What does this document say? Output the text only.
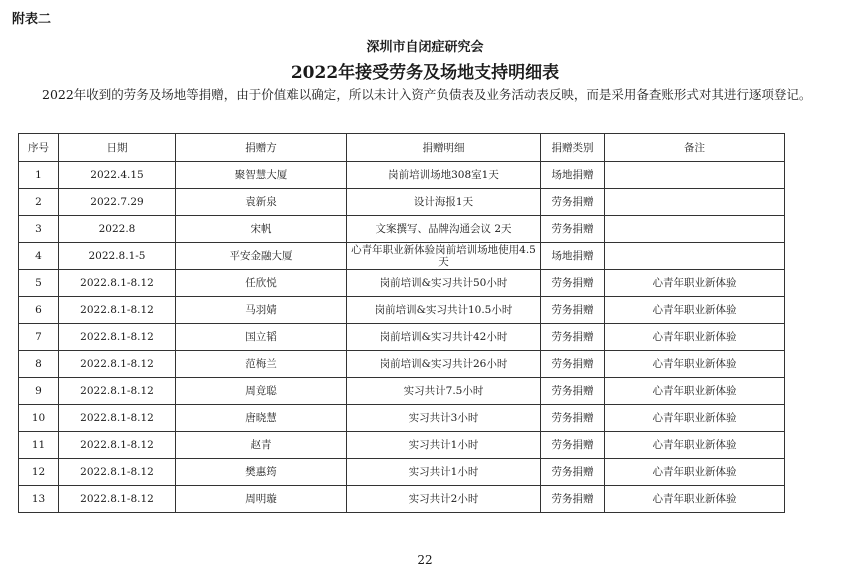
附表二
深圳市自闭症研究会
2022年接受劳务及场地支持明细表
2022年收到的劳务及场地等捐赠，由于价值难以确定，所以未计入资产负债表及业务活动表反映，而是采用备查账形式对其进行逐项登记。
序号	日期	捐赠方	捐赠明细	捐赠类别	备注
1	2022.4.15	聚智慧大厦	岗前培训场地308室1天	场地捐赠	
2	2022.7.29	袁新泉	设计海报1天	劳务捐赠	
3	2022.8	宋帆	文案撰写、品牌沟通会议 2天	劳务捐赠	
4	2022.8.1-5	平安金融大厦	心青年职业新体验岗前培训场地使用4.5天	场地捐赠	
5	2022.8.1-8.12	任欣悦	岗前培训&实习共计50小时	劳务捐赠	心青年职业新体验
6	2022.8.1-8.12	马羽婧	岗前培训&实习共计10.5小时	劳务捐赠	心青年职业新体验
7	2022.8.1-8.12	国立韬	岗前培训&实习共计42小时	劳务捐赠	心青年职业新体验
8	2022.8.1-8.12	范梅兰	岗前培训&实习共计26小时	劳务捐赠	心青年职业新体验
9	2022.8.1-8.12	周竟聪	实习共计7.5小时	劳务捐赠	心青年职业新体验
10	2022.8.1-8.12	唐晓慧	实习共计3小时	劳务捐赠	心青年职业新体验
11	2022.8.1-8.12	赵青	实习共计1小时	劳务捐赠	心青年职业新体验
12	2022.8.1-8.12	樊惠筠	实习共计1小时	劳务捐赠	心青年职业新体验
13	2022.8.1-8.12	周明璇	实习共计2小时	劳务捐赠	心青年职业新体验
22
